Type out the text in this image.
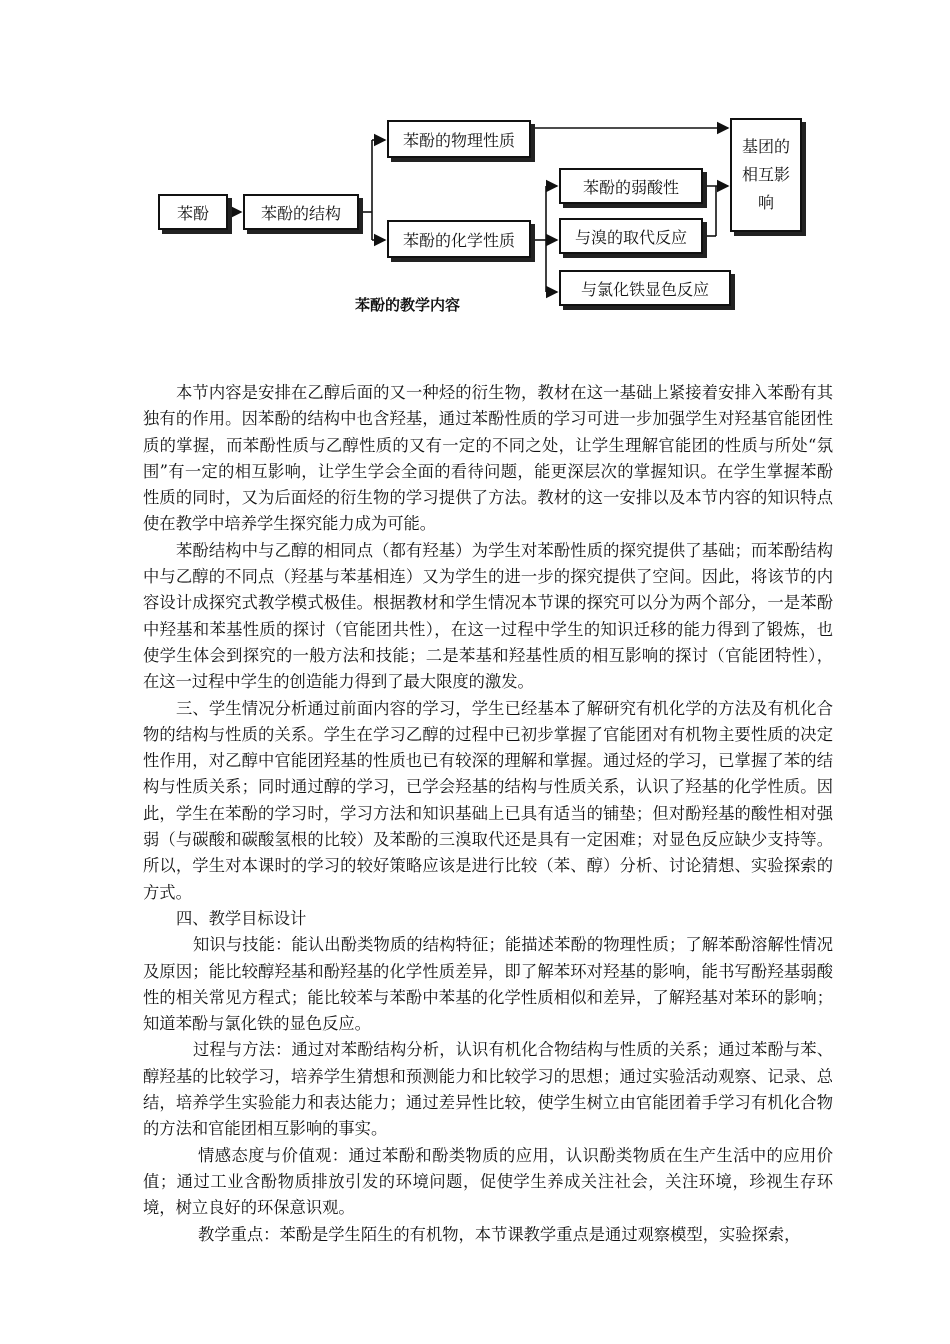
苯酚	苯酚的结构
苯酚的物理性质
苯酚的化学性质
苯酚的弱酸性
与溴的取代反应
与氯化铁显色反应
基团的相互影响
苯酚的教学内容

本节内容是安排在乙醇后面的又一种烃的衍生物，教材在这一基础上紧接着安排入苯酚有其独有的作用。因苯酚的结构中也含羟基，通过苯酚性质的学习可进一步加强学生对羟基官能团性质的掌握，而苯酚性质与乙醇性质的又有一定的不同之处，让学生理解官能团的性质与所处“氛围”有一定的相互影响，让学生学会全面的看待问题，能更深层次的掌握知识。在学生掌握苯酚性质的同时，又为后面烃的衍生物的学习提供了方法。教材的这一安排以及本节内容的知识特点使在教学中培养学生探究能力成为可能。

苯酚结构中与乙醇的相同点（都有羟基）为学生对苯酚性质的探究提供了基础；而苯酚结构中与乙醇的不同点（羟基与苯基相连）又为学生的进一步的探究提供了空间。因此，将该节的内容设计成探究式教学模式极佳。根据教材和学生情况本节课的探究可以分为两个部分，一是苯酚中羟基和苯基性质的探讨（官能团共性），在这一过程中学生的知识迁移的能力得到了锻炼，也使学生体会到探究的一般方法和技能；二是苯基和羟基性质的相互影响的探讨（官能团特性），在这一过程中学生的创造能力得到了最大限度的激发。

三、学生情况分析通过前面内容的学习，学生已经基本了解研究有机化学的方法及有机化合物的结构与性质的关系。学生在学习乙醇的过程中已初步掌握了官能团对有机物主要性质的决定性作用，对乙醇中官能团羟基的性质也已有较深的理解和掌握。通过烃的学习，已掌握了苯的结构与性质关系；同时通过醇的学习，已学会羟基的结构与性质关系，认识了羟基的化学性质。因此，学生在苯酚的学习时，学习方法和知识基础上已具有适当的铺垫；但对酚羟基的酸性相对强弱（与碳酸和碳酸氢根的比较）及苯酚的三溴取代还是具有一定困难；对显色反应缺少支持等。所以，学生对本课时的学习的较好策略应该是进行比较（苯、醇）分析、讨论猜想、实验探索的方式。

四、教学目标设计

知识与技能：能认出酚类物质的结构特征；能描述苯酚的物理性质；了解苯酚溶解性情况及原因；能比较醇羟基和酚羟基的化学性质差异，即了解苯环对羟基的影响，能书写酚羟基弱酸性的相关常见方程式；能比较苯与苯酚中苯基的化学性质相似和差异，了解羟基对苯环的影响；知道苯酚与氯化铁的显色反应。

过程与方法：通过对苯酚结构分析，认识有机化合物结构与性质的关系；通过苯酚与苯、醇羟基的比较学习，培养学生猜想和预测能力和比较学习的思想；通过实验活动观察、记录、总结，培养学生实验能力和表达能力；通过差异性比较，使学生树立由官能团着手学习有机化合物的方法和官能团相互影响的事实。

情感态度与价值观：通过苯酚和酚类物质的应用，认识酚类物质在生产生活中的应用价值；通过工业含酚物质排放引发的环境问题，促使学生养成关注社会，关注环境，珍视生存环境，树立良好的环保意识观。

教学重点：苯酚是学生陌生的有机物，本节课教学重点是通过观察模型，实验探索，
